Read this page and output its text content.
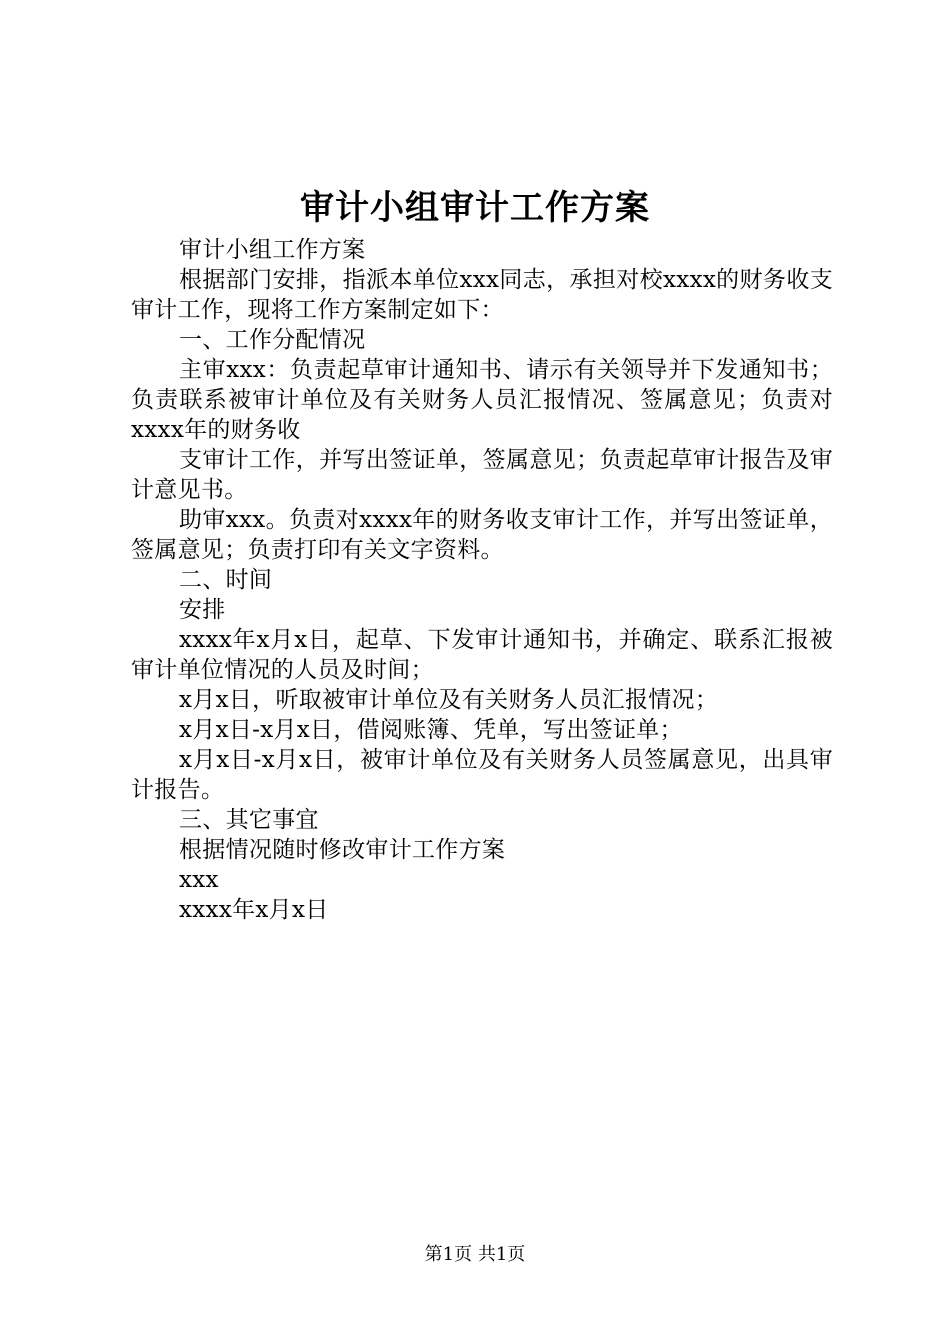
审计小组审计工作方案

审计小组工作方案

根据部门安排，指派本单位xxx同志，承担对校xxxx的财务收支审计工作，现将工作方案制定如下：

一、工作分配情况

主审xxx：负责起草审计通知书、请示有关领导并下发通知书；负责联系被审计单位及有关财务人员汇报情况、签属意见；负责对xxxx年的财务收

支审计工作，并写出签证单，签属意见；负责起草审计报告及审计意见书。

助审xxx。负责对xxxx年的财务收支审计工作，并写出签证单，签属意见；负责打印有关文字资料。

二、时间

安排

xxxx年x月x日，起草、下发审计通知书，并确定、联系汇报被审计单位情况的人员及时间；

x月x日，听取被审计单位及有关财务人员汇报情况；

x月x日-x月x日，借阅账簿、凭单，写出签证单；

x月x日-x月x日，被审计单位及有关财务人员签属意见，出具审计报告。

三、其它事宜

根据情况随时修改审计工作方案

xxx

xxxx年x月x日

第1页 共1页
